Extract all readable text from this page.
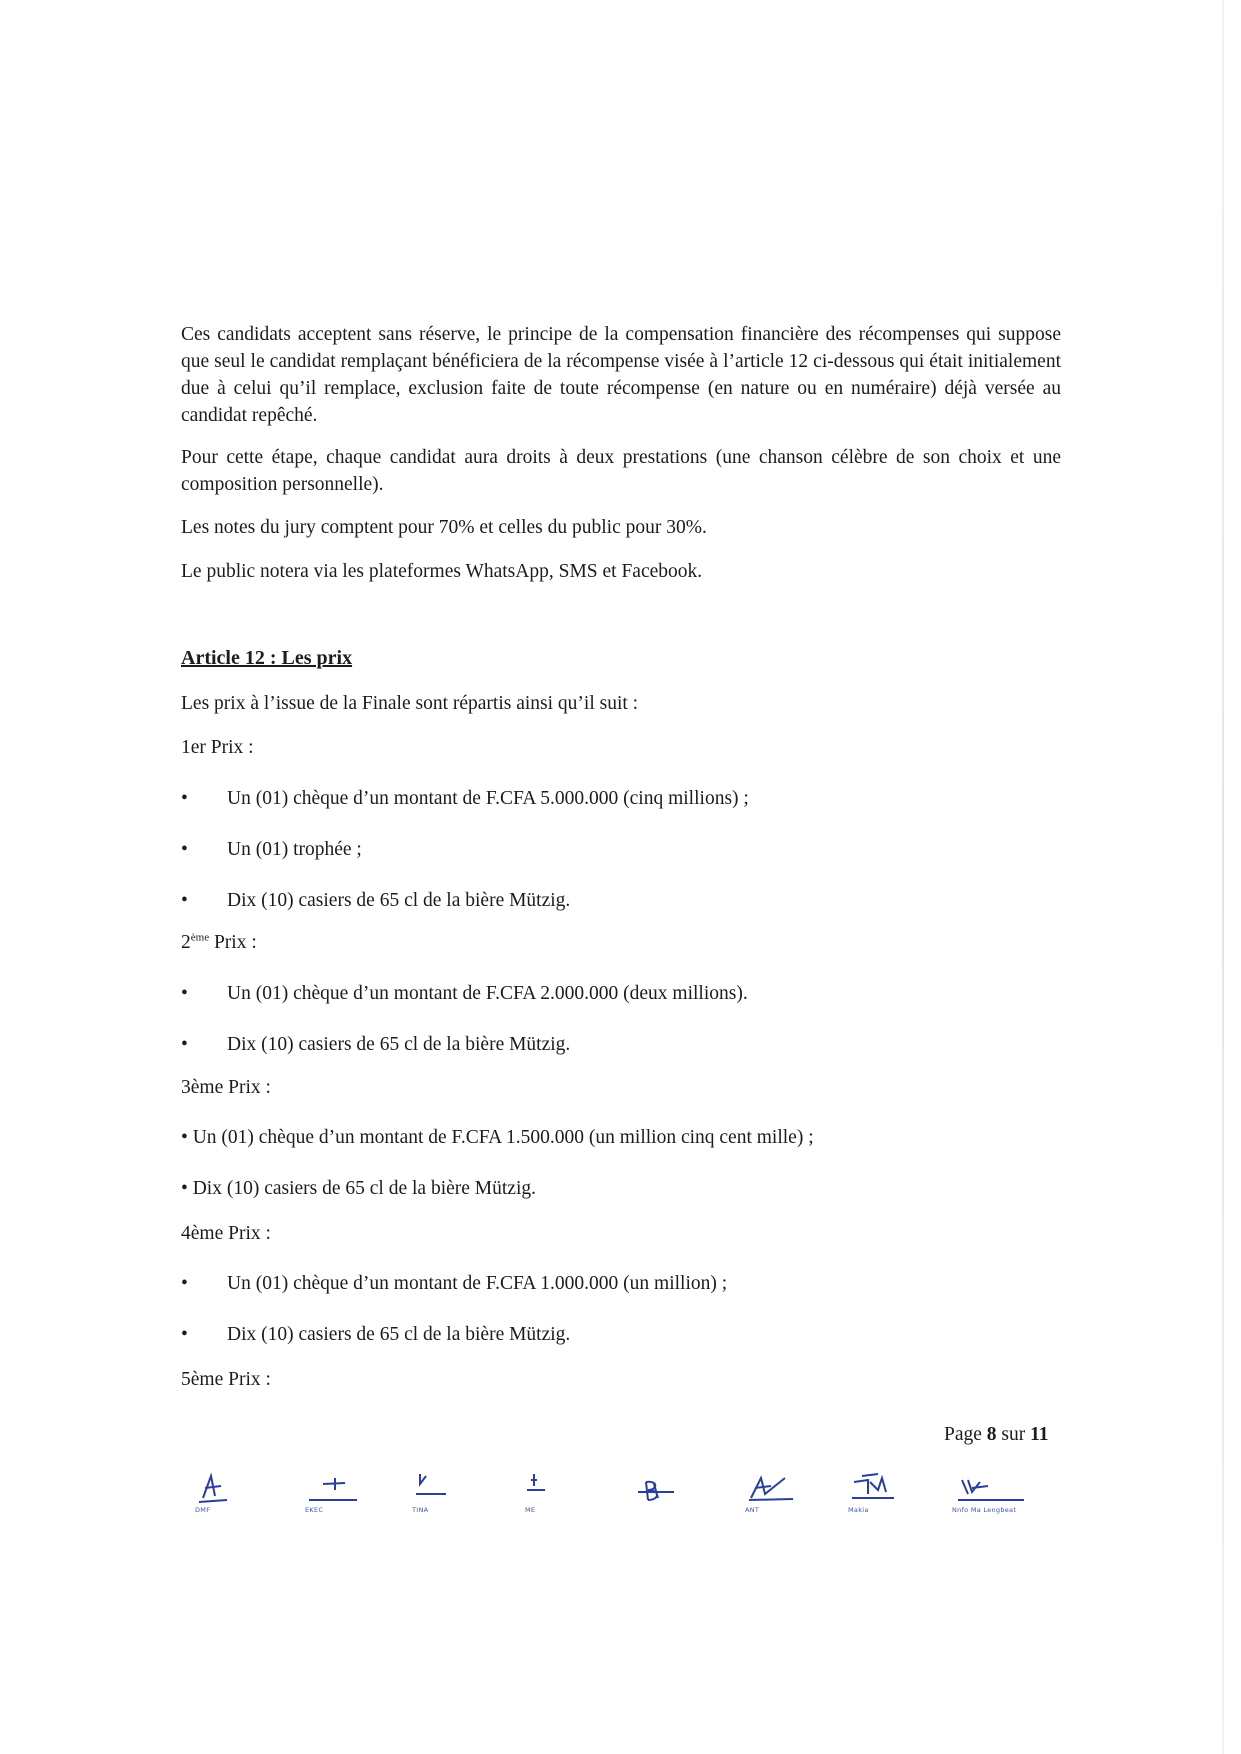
Ces candidats acceptent sans réserve, le principe de la compensation financière des récompenses qui suppose que seul le candidat remplaçant bénéficiera de la récompense visée à l’article 12 ci-dessous qui était initialement due à celui qu’il remplace, exclusion faite de toute récompense (en nature ou en numéraire) déjà versée au candidat repêché.

Pour cette étape, chaque candidat aura droits à deux prestations (une chanson célèbre de son choix et une composition personnelle).

Les notes du jury comptent pour 70% et celles du public pour 30%.

Le public notera via les plateformes WhatsApp, SMS et Facebook.

Article 12 : Les prix

Les prix à l’issue de la Finale sont répartis ainsi qu’il suit :

1er Prix :

• Un (01) chèque d’un montant de F.CFA 5.000.000 (cinq millions) ;
• Un (01) trophée ;
• Dix (10) casiers de 65 cl de la bière Mützig.

2ème Prix :

• Un (01) chèque d’un montant de F.CFA 2.000.000 (deux millions).
• Dix (10) casiers de 65 cl de la bière Mützig.

3ème Prix :

• Un (01) chèque d’un montant de F.CFA 1.500.000 (un million cinq cent mille) ;
• Dix (10) casiers de 65 cl de la bière Mützig.

4ème Prix :

• Un (01) chèque d’un montant de F.CFA 1.000.000 (un million) ;
• Dix (10) casiers de 65 cl de la bière Mützig.

5ème Prix :

Page 8 sur 11
DMF	EKEC	TINA	ME	ANT	Makia	Nnfo Ma Lengbeat
